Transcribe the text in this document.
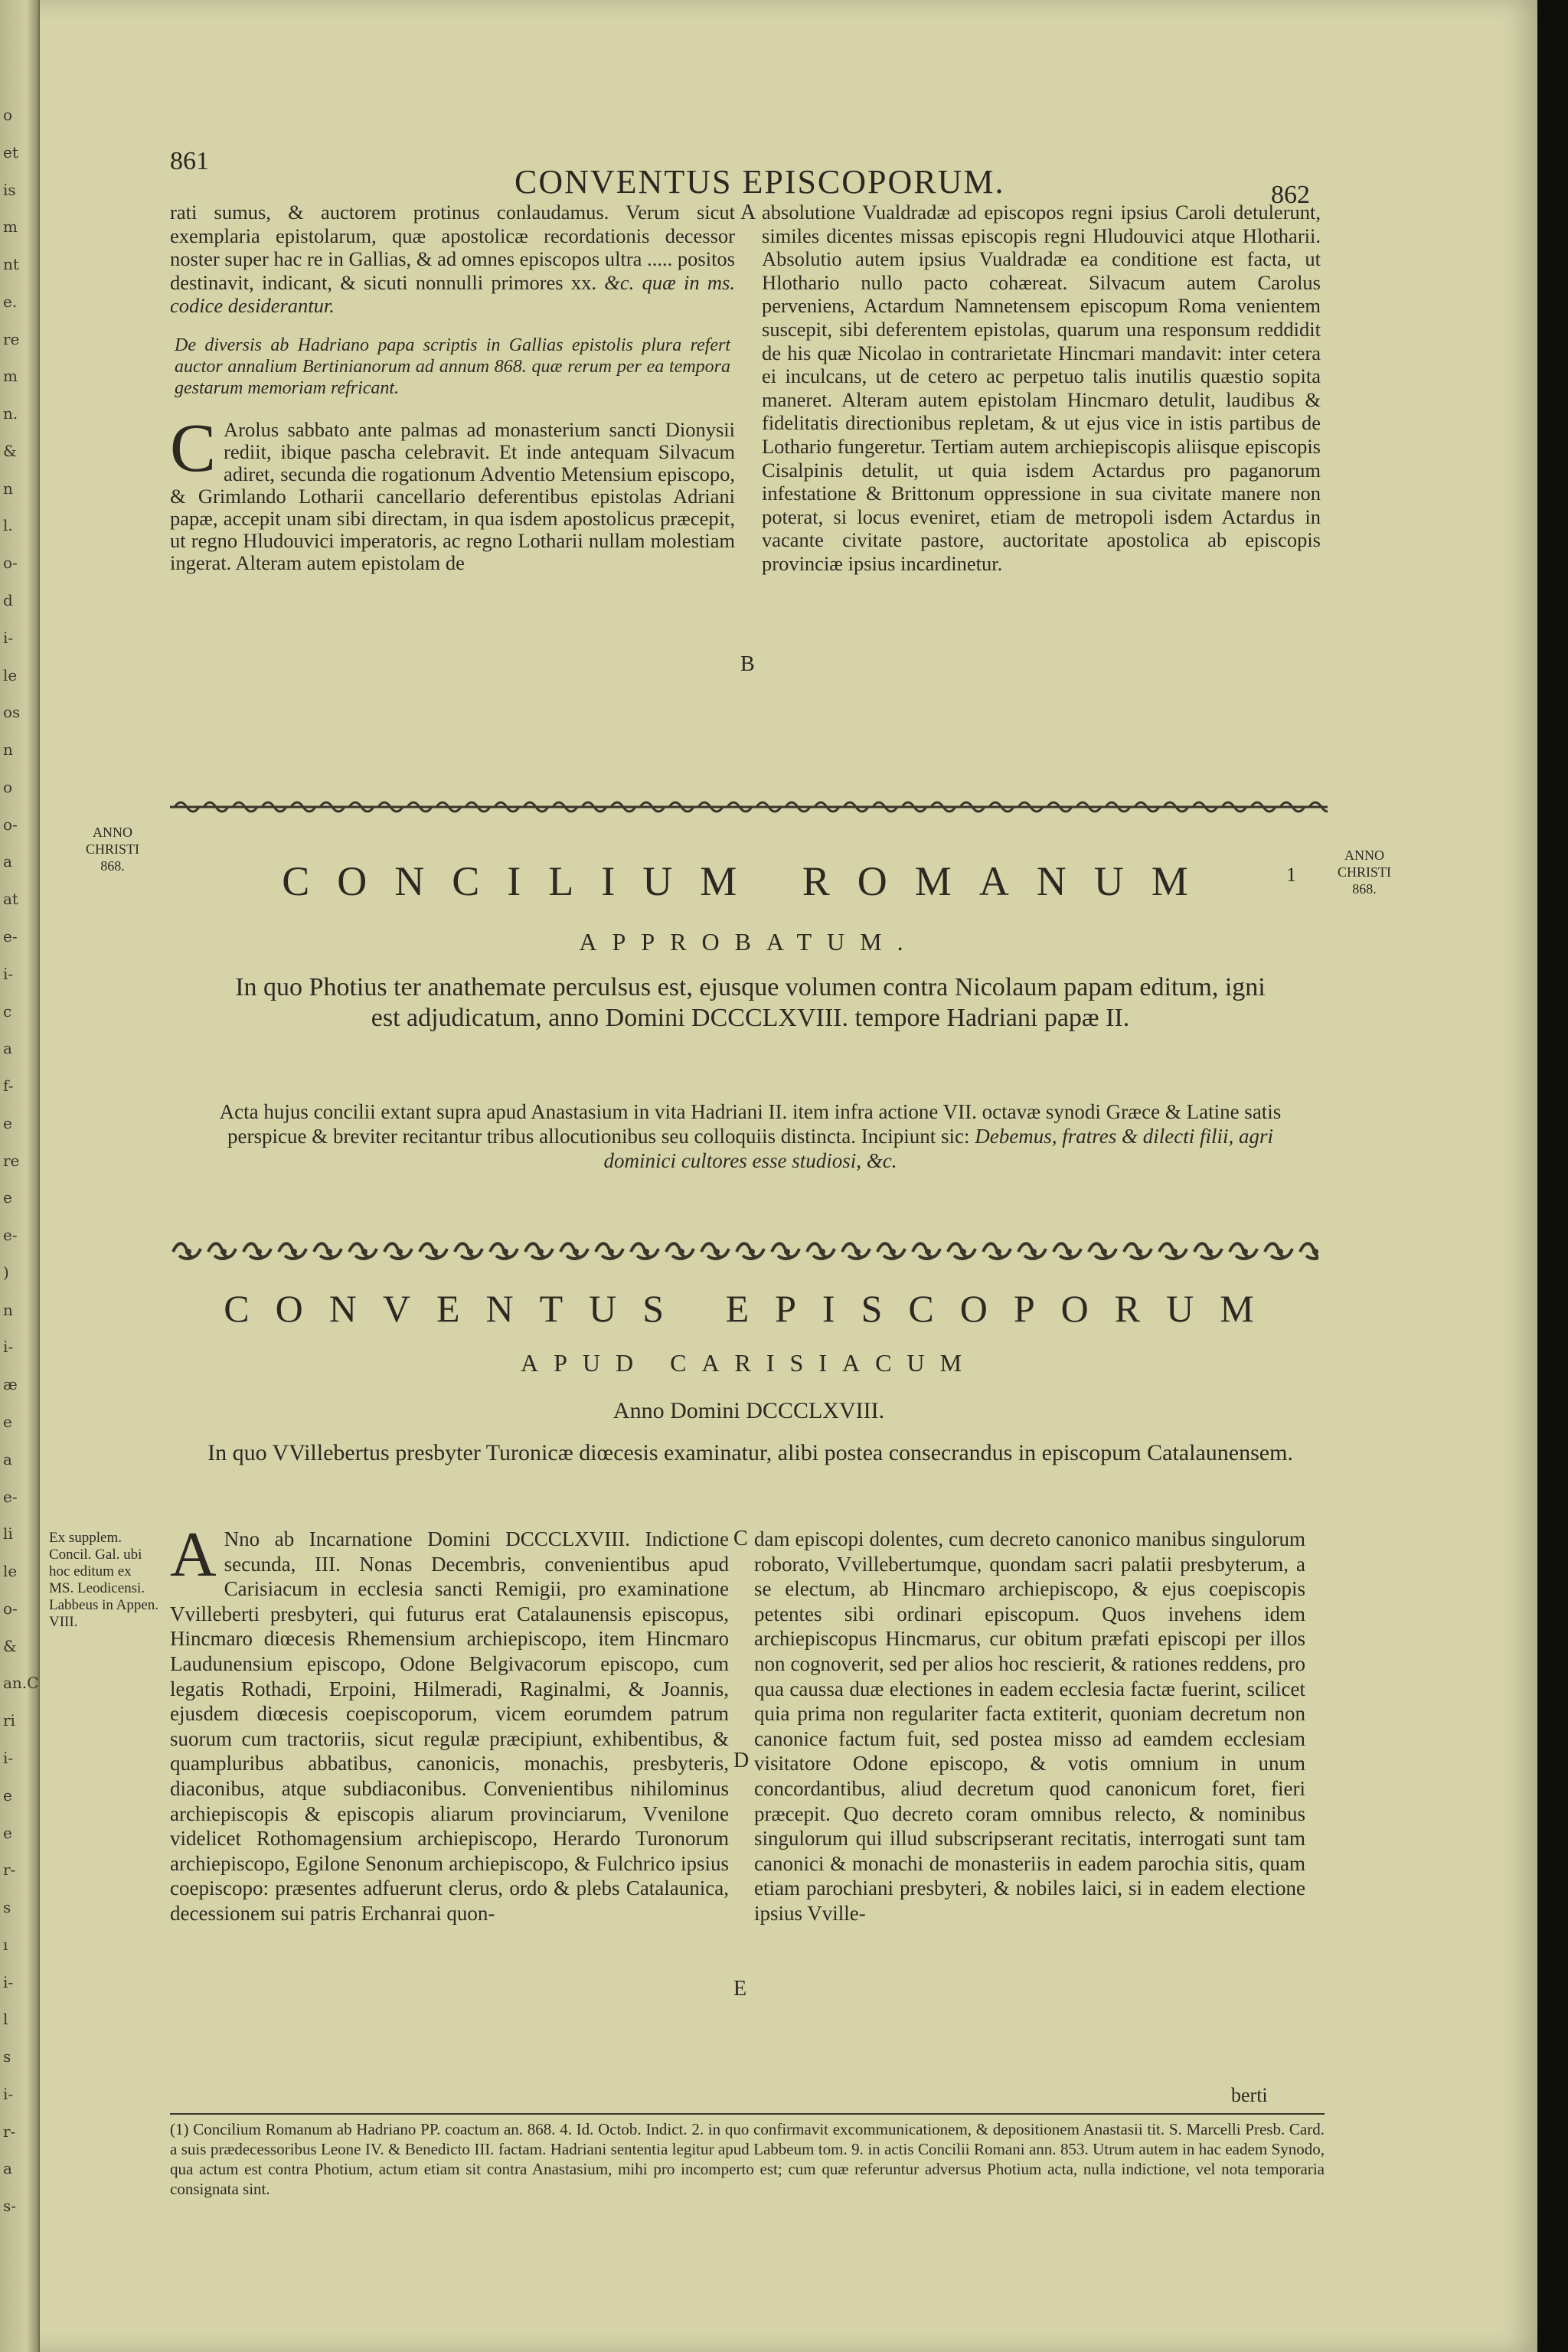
o
et
is
m
nt
e.
re
m
n.
&
n
l.
o-
d
i-
le
os
n
o
o-
a
at
e-
i-
c
a
f-
e
re
e
e-
)
n
i-
æ
e
a
e-
li
le
o-
&
an.C
ri
i-
e
e
r-
s
ı
i-
l
s
i-
r-
a
s-
861
CONVENTUS EPISCOPORUM.	862

rati sumus, & auctorem protinus conlaudamus. Verum sicut exemplaria epistolarum, quæ apostolicæ recordationis decessor noster super hac re in Gallias, & ad omnes episcopos ultra ..... positos destinavit, indicant, & sicuti nonnulli primores xx. &c. quæ in ms. codice desiderantur.

De diversis ab Hadriano papa scriptis in Gallias epistolis plura refert auctor annalium Bertinianorum ad annum 868. quæ rerum per ea tempora gestarum memoriam refricant.

C Arolus sabbato ante palmas ad monasterium sancti Dionysii rediit, ibique pascha celebravit. Et inde antequam Silvacum adiret, secunda die rogationum Adventio Metensium episcopo, & Grimlando Lotharii cancellario deferentibus epistolas Adriani papæ, accepit unam sibi directam, in qua isdem apostolicus præcepit, ut regno Hludouvici imperatoris, ac regno Lotharii nullam molestiam ingerat. Alteram autem epistolam de

A
B
absolutione Vualdradæ ad episcopos regni ipsius Caroli detulerunt, similes dicentes missas episcopis regni Hludouvici atque Hlotharii. Absolutio autem ipsius Vualdradæ ea conditione est facta, ut Hlothario nullo pacto cohæreat. Silvacum autem Carolus perveniens, Actardum Namnetensem episcopum Roma venientem suscepit, sibi deferentem epistolas, quarum una responsum reddidit de his quæ Nicolao in contrarietate Hincmari mandavit: inter cetera ei inculcans, ut de cetero ac perpetuo talis inutilis quæstio sopita maneret. Alteram autem epistolam Hincmaro detulit, laudibus & fidelitatis directionibus repletam, & ut ejus vice in istis partibus de Lothario fungeretur. Tertiam autem archiepiscopis aliisque episcopis Cisalpinis detulit, ut quia isdem Actardus pro paganorum infestatione & Brittonum oppressione in sua civitate manere non poterat, si locus eveniret, etiam de metropoli isdem Actardus in vacante civitate pastore, auctoritate apostolica ab episcopis provinciæ ipsius incardinetur.
ANNO
CHRISTI
868.
ANNO
CHRISTI
868.
1
CONCILIUM ROMANUM
APPROBATUM.
In quo Photius ter anathemate perculsus est, ejusque volumen contra Nicolaum papam editum, igni est adjudicatum, anno Domini DCCCLXVIII. tempore Hadriani papæ II.
Acta hujus concilii extant supra apud Anastasium in vita Hadriani II. item infra actione VII. octavæ synodi Græce & Latine satis perspicue & breviter recitantur tribus allocutionibus seu colloquiis distincta. Incipiunt sic: Debemus, fratres & dilecti filii, agri dominici cultores esse studiosi, &c.
CONVENTUS EPISCOPORUM
APUD CARISIACUM
Anno Domini DCCCLXVIII.
In quo VVillebertus presbyter Turonicæ diœcesis examinatur, alibi postea consecrandus in episcopum Catalaunensem.
Ex supplem. Concil. Gal. ubi hoc editum ex MS. Leodicensi. Labbeus in Appen. VIII.
A Nno ab Incarnatione Domini DCCCLXVIII. Indictione secunda, III. Nonas Decembris, convenientibus apud Carisiacum in ecclesia sancti Remigii, pro examinatione Vvilleberti presbyteri, qui futurus erat Catalaunensis episcopus, Hincmaro diœcesis Rhemensium archiepiscopo, item Hincmaro Laudunensium episcopo, Odone Belgivacorum episcopo, cum legatis Rothadi, Erpoini, Hilmeradi, Raginalmi, & Joannis, ejusdem diœcesis coepiscoporum, vicem eorumdem patrum suorum cum tractoriis, sicut regulæ præcipiunt, exhibentibus, & quampluribus abbatibus, canonicis, monachis, presbyteris, diaconibus, atque subdiaconibus. Convenientibus nihilominus archiepiscopis & episcopis aliarum provinciarum, Vvenilone videlicet Rothomagensium archiepiscopo, Herardo Turonorum archiepiscopo, Egilone Senonum archiepiscopo, & Fulchrico ipsius coepiscopo: præsentes adfuerunt clerus, ordo & plebs Catalaunica, decessionem sui patris Erchanrai quon-
C
D
E
dam episcopi dolentes, cum decreto canonico manibus singulorum roborato, Vvillebertumque, quondam sacri palatii presbyterum, a se electum, ab Hincmaro archiepiscopo, & ejus coepiscopis petentes sibi ordinari episcopum. Quos invehens idem archiepiscopus Hincmarus, cur obitum præfati episcopi per illos non cognoverit, sed per alios hoc rescierit, & rationes reddens, pro qua caussa duæ electiones in eadem ecclesia factæ fuerint, scilicet quia prima non regulariter facta extiterit, quoniam decretum non canonice factum fuit, sed postea misso ad eamdem ecclesiam visitatore Odone episcopo, & votis omnium in unum concordantibus, aliud decretum quod canonicum foret, fieri præcepit. Quo decreto coram omnibus relecto, & nominibus singulorum qui illud subscripserant recitatis, interrogati sunt tam canonici & monachi de monasteriis in eadem parochia sitis, quam etiam parochiani presbyteri, & nobiles laici, si in eadem electione ipsius Vville-
berti
(1) Concilium Romanum ab Hadriano PP. coactum an. 868. 4. Id. Octob. Indict. 2. in quo confirmavit excommunicationem, & depositionem Anastasii tit. S. Marcelli Presb. Card. a suis prædecessoribus Leone IV. & Benedicto III. factam. Hadriani sententia legitur apud Labbeum tom. 9. in actis Concilii Romani ann. 853. Utrum autem in hac eadem Synodo, qua actum est contra Photium, actum etiam sit contra Anastasium, mihi pro incomperto est; cum quæ referuntur adversus Photium acta, nulla indictione, vel nota temporaria consignata sint.
